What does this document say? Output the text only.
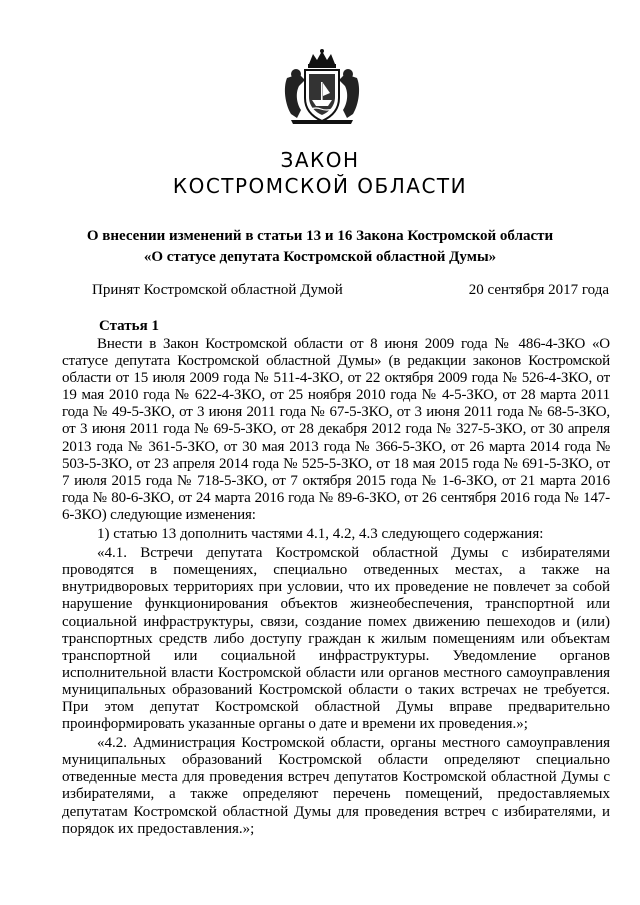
ЗАКОН
КОСТРОМСКОЙ ОБЛАСТИ
О внесении изменений в статьи 13 и 16 Закона Костромской области «О статусе депутата Костромской областной Думы»
Принят Костромской областной Думой	20 сентября 2017 года
Статья 1

Внести в Закон Костромской области от 8 июня 2009 года № 486-4-ЗКО «О статусе депутата Костромской областной Думы» (в редакции законов Костромской области от 15 июля 2009 года № 511-4-ЗКО, от 22 октября 2009 года № 526-4-ЗКО, от 19 мая 2010 года № 622-4-ЗКО, от 25 ноября 2010 года № 4-5-ЗКО, от 28 марта 2011 года № 49-5-ЗКО, от 3 июня 2011 года № 67-5-ЗКО, от 3 июня 2011 года № 68-5-ЗКО, от 3 июня 2011 года № 69-5-ЗКО, от 28 декабря 2012 года № 327-5-ЗКО, от 30 апреля 2013 года № 361-5-ЗКО, от 30 мая 2013 года № 366-5-ЗКО, от 26 марта 2014 года № 503-5-ЗКО, от 23 апреля 2014 года № 525-5-ЗКО, от 18 мая 2015 года № 691-5-ЗКО, от 7 июля 2015 года № 718-5-ЗКО, от 7 октября 2015 года № 1-6-ЗКО, от 21 марта 2016 года № 80-6-ЗКО, от 24 марта 2016 года № 89-6-ЗКО, от 26 сентября 2016 года № 147-6-ЗКО) следующие изменения:

1) статью 13 дополнить частями 4.1, 4.2, 4.3 следующего содержания:

«4.1. Встречи депутата Костромской областной Думы с избирателями проводятся в помещениях, специально отведенных местах, а также на внутридворовых территориях при условии, что их проведение не повлечет за собой нарушение функционирования объектов жизнеобеспечения, транспортной или социальной инфраструктуры, связи, создание помех движению пешеходов и (или) транспортных средств либо доступу граждан к жилым помещениям или объектам транспортной или социальной инфраструктуры. Уведомление органов исполнительной власти Костромской области или органов местного самоуправления муниципальных образований Костромской области о таких встречах не требуется. При этом депутат Костромской областной Думы вправе предварительно проинформировать указанные органы о дате и времени их проведения.»;

«4.2. Администрация Костромской области, органы местного самоуправления муниципальных образований Костромской области определяют специально отведенные места для проведения встреч депутатов Костромской областной Думы с избирателями, а также определяют перечень помещений, предоставляемых депутатам Костромской областной Думы для проведения встреч с избирателями, и порядок их предоставления.»;
